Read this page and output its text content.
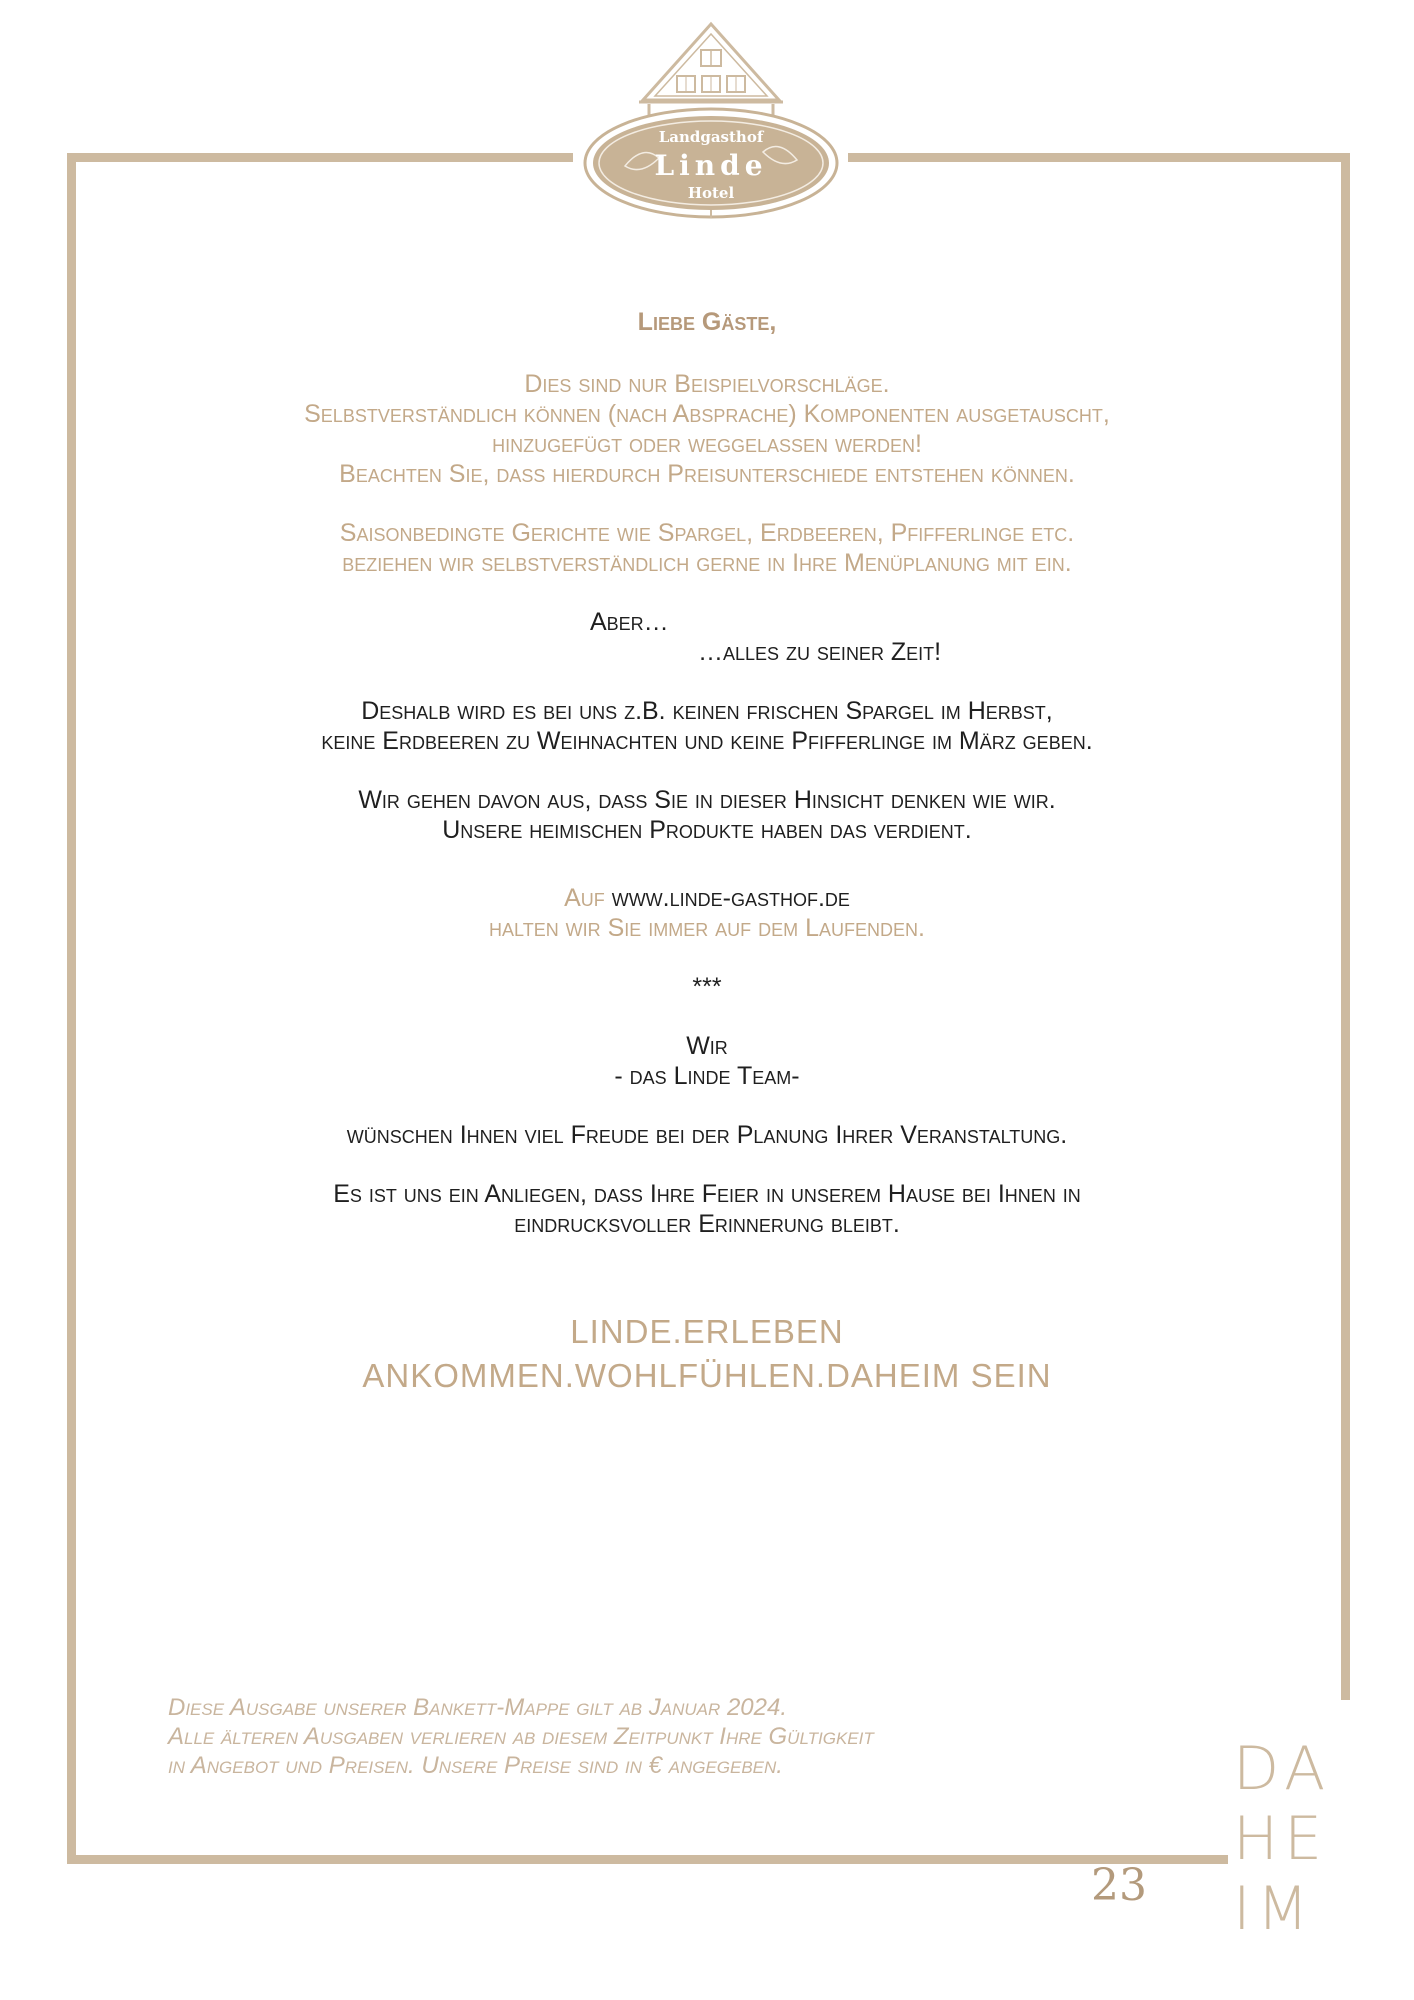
Landgasthof
Linde
Hotel

Liebe Gäste,

Dies sind nur Beispielvorschläge.

Selbstverständlich können (nach Absprache) Komponenten ausgetauscht,

hinzugefügt oder weggelassen werden!

Beachten Sie, dass hierdurch Preisunterschiede entstehen können.

Saisonbedingte Gerichte wie Spargel, Erdbeeren, Pfifferlinge etc.

beziehen wir selbstverständlich gerne in Ihre Menüplanung mit ein.

Aber…

…alles zu seiner Zeit!

Deshalb wird es bei uns z.B. keinen frischen Spargel im Herbst,

keine Erdbeeren zu Weihnachten und keine Pfifferlinge im März geben.

Wir gehen davon aus, dass Sie in dieser Hinsicht denken wie wir.

Unsere heimischen Produkte haben das verdient.

Auf www.linde-gasthof.de

halten wir Sie immer auf dem Laufenden.

***

Wir

- das Linde Team-

wünschen Ihnen viel Freude bei der Planung Ihrer Veranstaltung.

Es ist uns ein Anliegen, dass Ihre Feier in unserem Hause bei Ihnen in

eindrucksvoller Erinnerung bleibt.

LINDE.ERLEBEN
ANKOMMEN.WOHLFÜHLEN.DAHEIM SEIN
Diese Ausgabe unserer Bankett-Mappe gilt ab Januar 2024.
Alle älteren Ausgaben verlieren ab diesem Zeitpunkt Ihre Gültigkeit
in Angebot und Preisen. Unsere Preise sind in € angegeben.
23
DA
HE
IM
